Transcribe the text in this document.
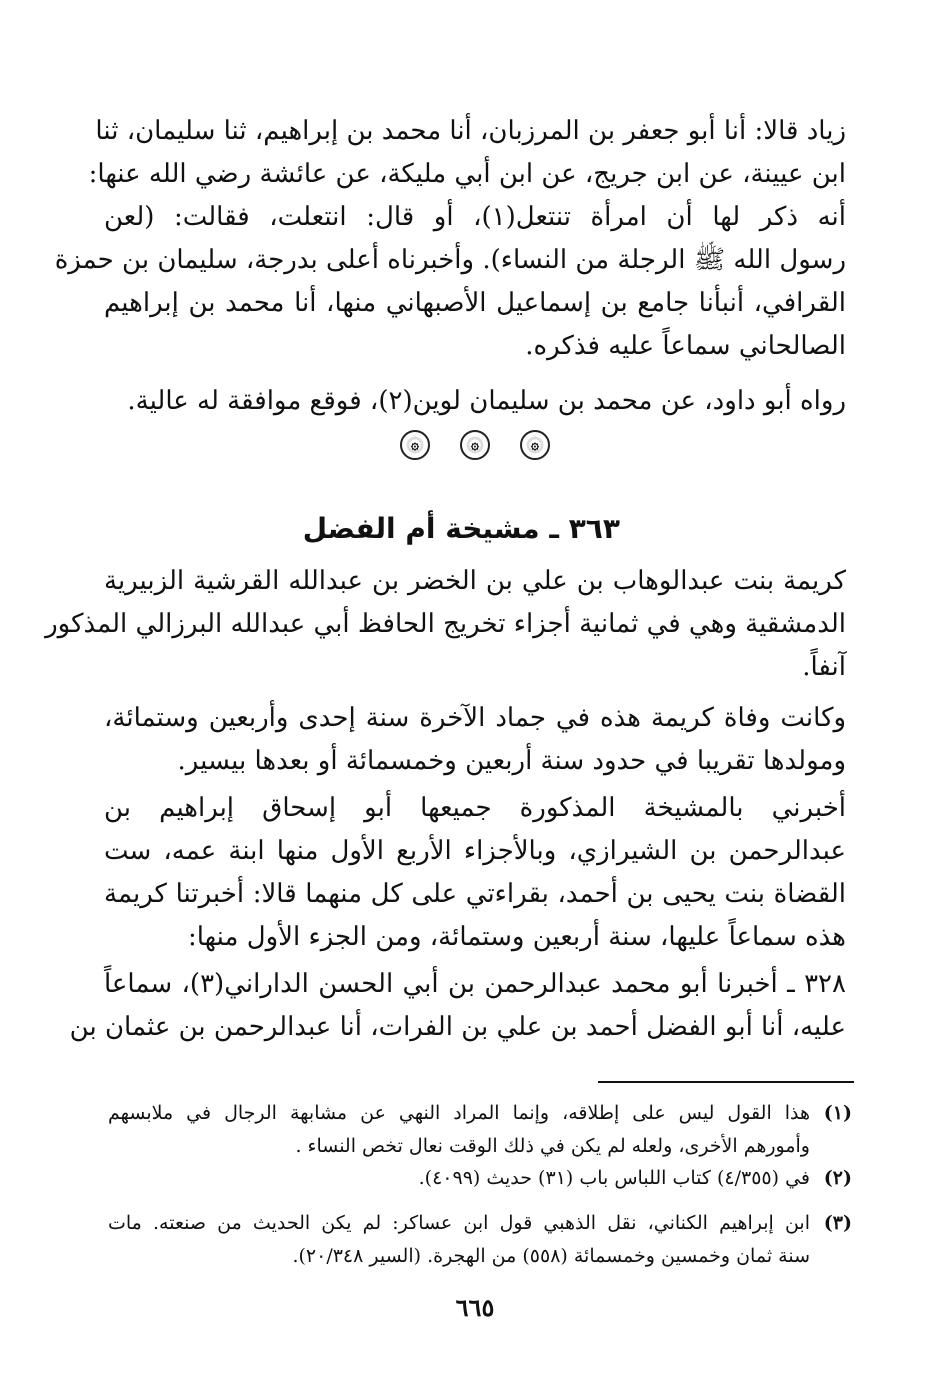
زياد قالا: أنا أبو جعفر بن المرزبان، أنا محمد بن إبراهيم، ثنا سليمان، ثنا
ابن عيينة، عن ابن جريج، عن ابن أبي مليكة، عن عائشة رضي الله عنها:
أنه ذكر لها أن امرأة تنتعل(١)، أو قال: انتعلت، فقالت: (لعن
رسول الله ﷺ الرجلة من النساء). وأخبرناه أعلى بدرجة، سليمان بن حمزة
القرافي، أنبأنا جامع بن إسماعيل الأصبهاني منها، أنا محمد بن إبراهيم
الصالحاني سماعاً عليه فذكره.
رواه أبو داود، عن محمد بن سليمان لوين(٢)، فوقع موافقة له عالية.
۞
۞
۞
٣٦٣ ـ مشيخة أم الفضل
كريمة بنت عبدالوهاب بن علي بن الخضر بن عبدالله القرشية الزبيرية
الدمشقية وهي في ثمانية أجزاء تخريج الحافظ أبي عبدالله البرزالي المذكور
آنفاً.
وكانت وفاة كريمة هذه في جماد الآخرة سنة إحدى وأربعين وستمائة،
ومولدها تقريبا في حدود سنة أربعين وخمسمائة أو بعدها بيسير.
أخبرني بالمشيخة المذكورة جميعها أبو إسحاق إبراهيم بن
عبدالرحمن بن الشيرازي، وبالأجزاء الأربع الأول منها ابنة عمه، ست
القضاة بنت يحيى بن أحمد، بقراءتي على كل منهما قالا: أخبرتنا كريمة
هذه سماعاً عليها، سنة أربعين وستمائة، ومن الجزء الأول منها:
٣٢٨ ـ أخبرنا أبو محمد عبدالرحمن بن أبي الحسن الداراني(٣)، سماعاً
عليه، أنا أبو الفضل أحمد بن علي بن الفرات، أنا عبدالرحمن بن عثمان بن
(١)
هذا القول ليس على إطلاقه، وإنما المراد النهي عن مشابهة الرجال في ملابسهم
وأمورهم الأخرى، ولعله لم يكن في ذلك الوقت نعال تخص النساء .
(٢)
في (٤/٣٥٥) كتاب اللباس باب (٣١) حديث (٤٠٩٩).
(٣)
ابن إبراهيم الكناني، نقل الذهبي قول ابن عساكر: لم يكن الحديث من صنعته. مات
سنة ثمان وخمسين وخمسمائة (٥٥٨) من الهجرة. (السير ٢٠/٣٤٨).
٦٦٥
